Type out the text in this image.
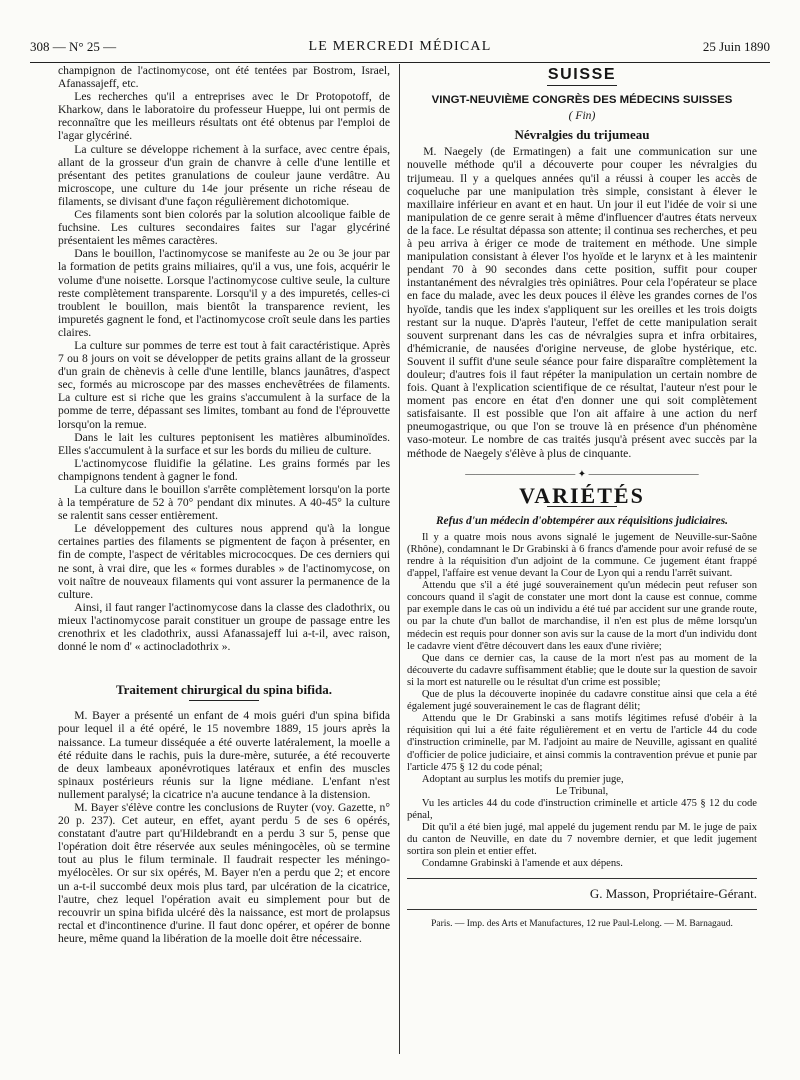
308 — N° 25 —	LE MERCREDI MÉDICAL	25 Juin 1890

champignon de l'actinomycose, ont été tentées par Bostrom, Israel, Afanassajeff, etc.

Les recherches qu'il a entreprises avec le Dr Protopotoff, de Kharkow, dans le laboratoire du professeur Hueppe, lui ont permis de reconnaître que les meilleurs résultats ont été obtenus par l'emploi de l'agar glycériné.

La culture se développe richement à la surface, avec centre épais, allant de la grosseur d'un grain de chanvre à celle d'une lentille et présentant des petites granulations de couleur jaune verdâtre. Au microscope, une culture du 14e jour présente un riche réseau de filaments, se divisant d'une façon régulièrement dichotomique.

Ces filaments sont bien colorés par la solution alcoolique faible de fuchsine. Les cultures secondaires faites sur l'agar glycériné présentaient les mêmes caractères.

Dans le bouillon, l'actinomycose se manifeste au 2e ou 3e jour par la formation de petits grains miliaires, qu'il a vus, une fois, acquérir le volume d'une noisette. Lorsque l'actinomycose cultive seule, la culture reste complètement transparente. Lorsqu'il y a des impuretés, celles-ci troublent le bouillon, mais bientôt la transparence revient, les impuretés gagnent le fond, et l'actinomycose croît seule dans les parties claires.

La culture sur pommes de terre est tout à fait caractéristique. Après 7 ou 8 jours on voit se développer de petits grains allant de la grosseur d'un grain de chènevis à celle d'une lentille, blancs jaunâtres, d'aspect sec, formés au microscope par des masses enchevêtrées de filaments. La culture est si riche que les grains s'accumulent à la surface de la pomme de terre, dépassant ses limites, tombant au fond de l'éprouvette lorsqu'on la remue.

Dans le lait les cultures peptonisent les matières albuminoïdes. Elles s'accumulent à la surface et sur les bords du milieu de culture.

L'actinomycose fluidifie la gélatine. Les grains formés par les champignons tendent à gagner le fond.

La culture dans le bouillon s'arrête complètement lorsqu'on la porte à la température de 52 à 70° pendant dix minutes. A 40-45° la culture se ralentit sans cesser entièrement.

Le développement des cultures nous apprend qu'à la longue certaines parties des filaments se pigmentent de façon à présenter, en fin de compte, l'aspect de véritables micrococques. De ces derniers qui ne sont, à vrai dire, que les « formes durables » de l'actinomycose, on voit naître de nouveaux filaments qui vont assurer la permanence de la culture.

Ainsi, il faut ranger l'actinomycose dans la classe des cladothrix, ou mieux l'actinomycose parait constituer un groupe de passage entre les crenothrix et les cladothrix, aussi Afanassajeff lui a-t-il, avec raison, donné le nom d' « actinocladothrix ».

Traitement chirurgical du spina bifida.

M. Bayer a présenté un enfant de 4 mois guéri d'un spina bifida pour lequel il a été opéré, le 15 novembre 1889, 15 jours après la naissance. La tumeur disséquée a été ouverte latéralement, la moelle a été réduite dans le rachis, puis la dure-mère, suturée, a été recouverte de deux lambeaux aponévrotiques latéraux et enfin des muscles spinaux postérieurs réunis sur la ligne médiane. L'enfant n'est nullement paralysé; la cicatrice n'a aucune tendance à la distension.

M. Bayer s'élève contre les conclusions de Ruyter (voy. Gazette, n° 20 p. 237). Cet auteur, en effet, ayant perdu 5 de ses 6 opérés, constatant d'autre part qu'Hildebrandt en a perdu 3 sur 5, pense que l'opération doit être réservée aux seules méningocèles, où se termine tout au plus le filum terminale. Il faudrait respecter les méningo-myélocèles. Or sur six opérés, M. Bayer n'en a perdu que 2; et encore un a-t-il succombé deux mois plus tard, par ulcération de la cicatrice, l'autre, chez lequel l'opération avait eu simplement pour but de recouvrir un spina bifida ulcéré dès la naissance, est mort de prolapsus rectal et d'incontinence d'urine. Il faut donc opérer, et opérer de bonne heure, même quand la libération de la moelle doit être nécessaire.

SUISSE
VINGT-NEUVIÈME CONGRÈS DES MÉDECINS SUISSES
( Fin)
Névralgies du trijumeau

M. Naegely (de Ermatingen) a fait une communication sur une nouvelle méthode qu'il a découverte pour couper les névralgies du trijumeau. Il y a quelques années qu'il a réussi à couper les accès de coqueluche par une manipulation très simple, consistant à élever le maxillaire inférieur en avant et en haut. Un jour il eut l'idée de voir si une manipulation de ce genre serait à même d'influencer d'autres états nerveux de la face. Le résultat dépassa son attente; il continua ses recherches, et peu à peu arriva à ériger ce mode de traitement en méthode. Une simple manipulation consistant à élever l'os hyoïde et le larynx et à les maintenir pendant 70 à 90 secondes dans cette position, suffit pour couper instantanément des névralgies très opiniâtres. Pour cela l'opérateur se place en face du malade, avec les deux pouces il élève les grandes cornes de l'os hyoïde, tandis que les index s'appliquent sur les oreilles et les trois doigts restant sur la nuque. D'après l'auteur, l'effet de cette manipulation serait souvent surprenant dans les cas de névralgies supra et infra orbitaires, d'hémicranie, de nausées d'origine nerveuse, de globe hystérique, etc. Souvent il suffit d'une seule séance pour faire disparaître complètement la douleur; d'autres fois il faut répéter la manipulation un certain nombre de fois. Quant à l'explication scientifique de ce résultat, l'auteur n'est pour le moment pas encore en état d'en donner une qui soit complètement satisfaisante. Il est possible que l'on ait affaire à une action du nerf pneumogastrique, ou que l'on se trouve là en présence d'un phénomène vaso-moteur. Le nombre de cas traités jusqu'à présent avec succès par la méthode de Naegely s'élève à plus de cinquante.

——————————— ✦ ———————————
VARIÉTÉS
Refus d'un médecin d'obtempérer aux réquisitions judiciaires.

Il y a quatre mois nous avons signalé le jugement de Neuville-sur-Saône (Rhône), condamnant le Dr Grabinski à 6 francs d'amende pour avoir refusé de se rendre à la réquisition d'un adjoint de la commune. Ce jugement étant frappé d'appel, l'affaire est venue devant la Cour de Lyon qui a rendu l'arrêt suivant.

Attendu que s'il a été jugé souverainement qu'un médecin peut refuser son concours quand il s'agit de constater une mort dont la cause est connue, comme par exemple dans le cas où un individu a été tué par accident sur une grande route, ou par la chute d'un ballot de marchandise, il n'en est plus de même lorsqu'un médecin est requis pour donner son avis sur la cause de la mort d'un individu dont le cadavre vient d'être découvert dans les eaux d'une rivière;

Que dans ce dernier cas, la cause de la mort n'est pas au moment de la découverte du cadavre suffisamment établie; que le doute sur la question de savoir si la mort est naturelle ou le résultat d'un crime est possible;

Que de plus la découverte inopinée du cadavre constitue ainsi que cela a été également jugé souverainement le cas de flagrant délit;

Attendu que le Dr Grabinski a sans motifs légitimes refusé d'obéir à la réquisition qui lui a été faite régulièrement et en vertu de l'article 44 du code d'instruction criminelle, par M. l'adjoint au maire de Neuville, agissant en qualité d'officier de police judiciaire, et ainsi commis la contravention prévue et punie par l'article 475 § 12 du code pénal;

Adoptant au surplus les motifs du premier juge,

Le Tribunal,

Vu les articles 44 du code d'instruction criminelle et article 475 § 12 du code pénal,

Dit qu'il a été bien jugé, mal appelé du jugement rendu par M. le juge de paix du canton de Neuville, en date du 7 novembre dernier, et que ledit jugement sortira son plein et entier effet.

Condamne Grabinski à l'amende et aux dépens.

G. Masson, Propriétaire-Gérant.
Paris. — Imp. des Arts et Manufactures, 12 rue Paul-Lelong. — M. Barnagaud.
